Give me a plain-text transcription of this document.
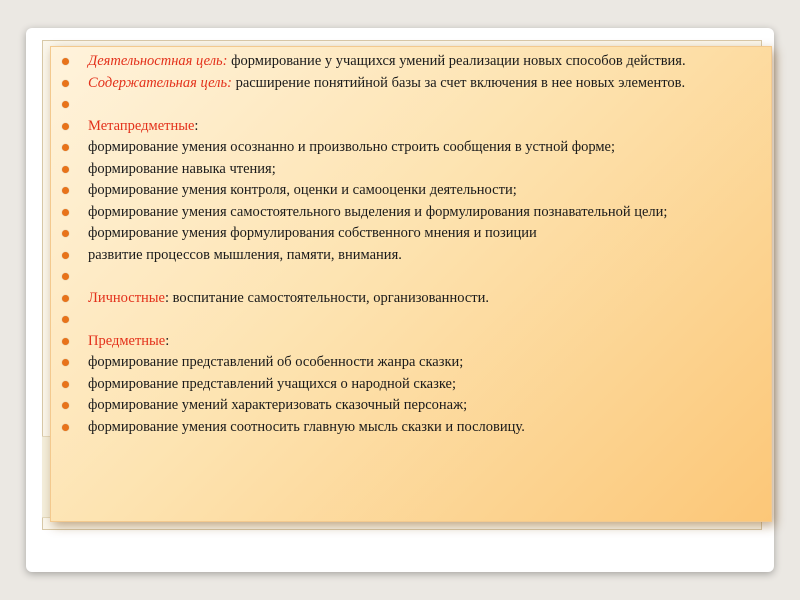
Деятельностная цель: формирование у учащихся умений реализации новых способов действия.
Содержательная цель: расширение понятийной базы за счет включения в нее новых элементов.
Метапредметные:
формирование умения осознанно и произвольно строить сообщения в устной форме;
формирование навыка чтения;
формирование умения контроля, оценки и самооценки деятельности;
формирование умения самостоятельного выделения и формулирования познавательной цели;
формирование умения формулирования собственного мнения и позиции
развитие процессов мышления, памяти, внимания.
Личностные: воспитание самостоятельности, организованности.
Предметные:
формирование представлений об особенности жанра сказки;
формирование представлений учащихся о народной сказке;
формирование умений характеризовать сказочный персонаж;
формирование умения соотносить главную мысль сказки и пословицу.
